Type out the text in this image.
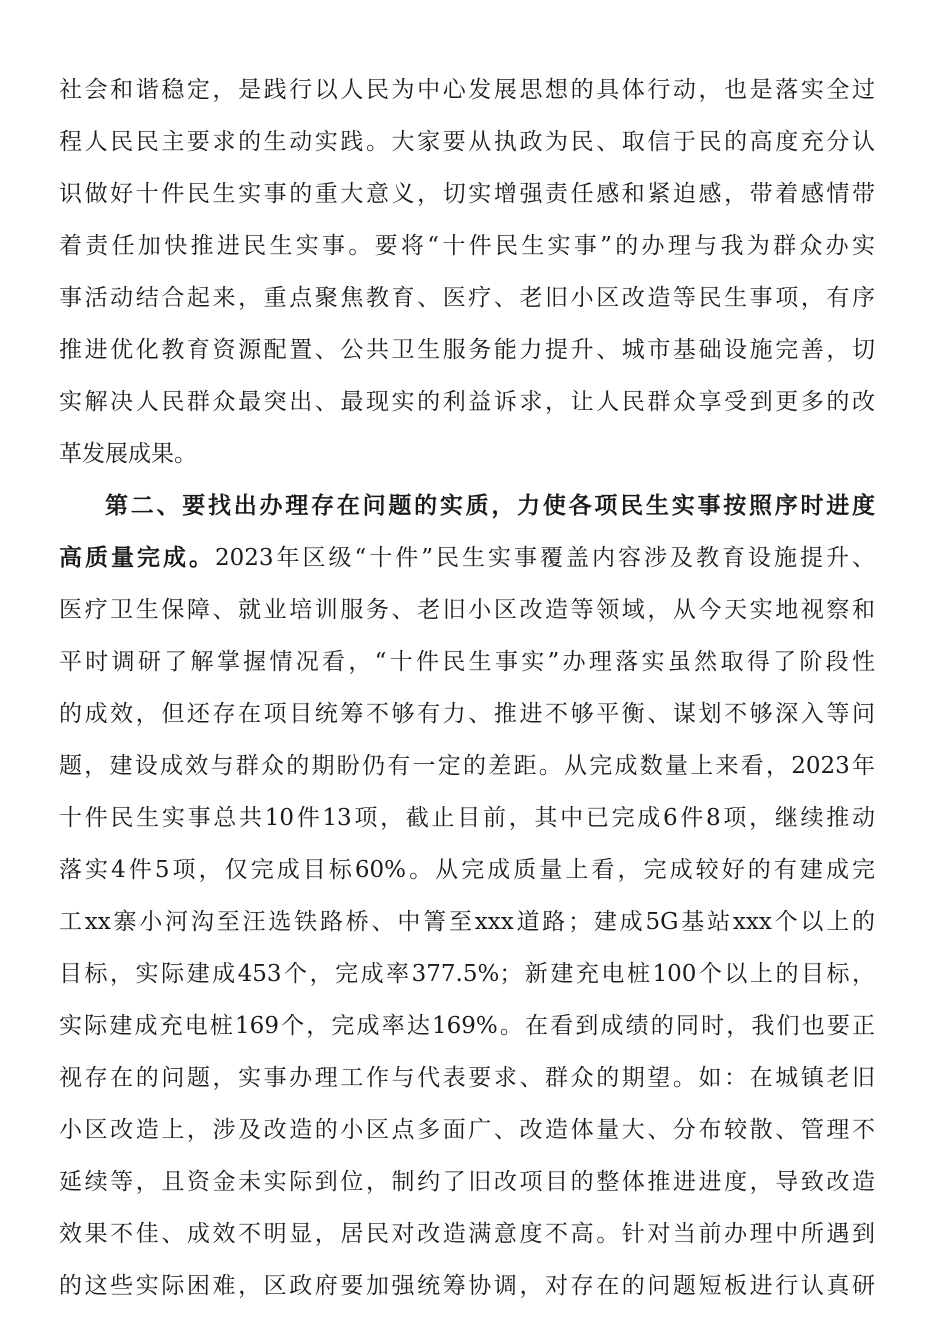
社会和谐稳定，是践行以人民为中心发展思想的具体行动，也是落实全过
程人民民主要求的生动实践。大家要从执政为民、取信于民的高度充分认
识做好十件民生实事的重大意义，切实增强责任感和紧迫感，带着感情带
着责任加快推进民生实事。要将“十件民生实事”的办理与我为群众办实
事活动结合起来，重点聚焦教育、医疗、老旧小区改造等民生事项，有序
推进优化教育资源配置、公共卫生服务能力提升、城市基础设施完善，切
实解决人民群众最突出、最现实的利益诉求，让人民群众享受到更多的改
革发展成果。
第二、要找出办理存在问题的实质，力使各项民生实事按照序时进度
高质量完成。2023年区级“十件”民生实事覆盖内容涉及教育设施提升、
医疗卫生保障、就业培训服务、老旧小区改造等领域，从今天实地视察和
平时调研了解掌握情况看，“十件民生事实”办理落实虽然取得了阶段性
的成效，但还存在项目统筹不够有力、推进不够平衡、谋划不够深入等问
题，建设成效与群众的期盼仍有一定的差距。从完成数量上来看，2023年
十件民生实事总共10件13项，截止目前，其中已完成6件8项，继续推动
落实4件5项，仅完成目标60%。从完成质量上看，完成较好的有建成完
工xx寨小河沟至汪选铁路桥、中箐至xxx道路；建成5G基站xxx个以上的
目标，实际建成453个，完成率377.5%；新建充电桩100个以上的目标，
实际建成充电桩169个，完成率达169%。在看到成绩的同时，我们也要正
视存在的问题，实事办理工作与代表要求、群众的期望。如：在城镇老旧
小区改造上，涉及改造的小区点多面广、改造体量大、分布较散、管理不
延续等，且资金未实际到位，制约了旧改项目的整体推进进度，导致改造
效果不佳、成效不明显，居民对改造满意度不高。针对当前办理中所遇到
的这些实际困难，区政府要加强统筹协调，对存在的问题短板进行认真研
